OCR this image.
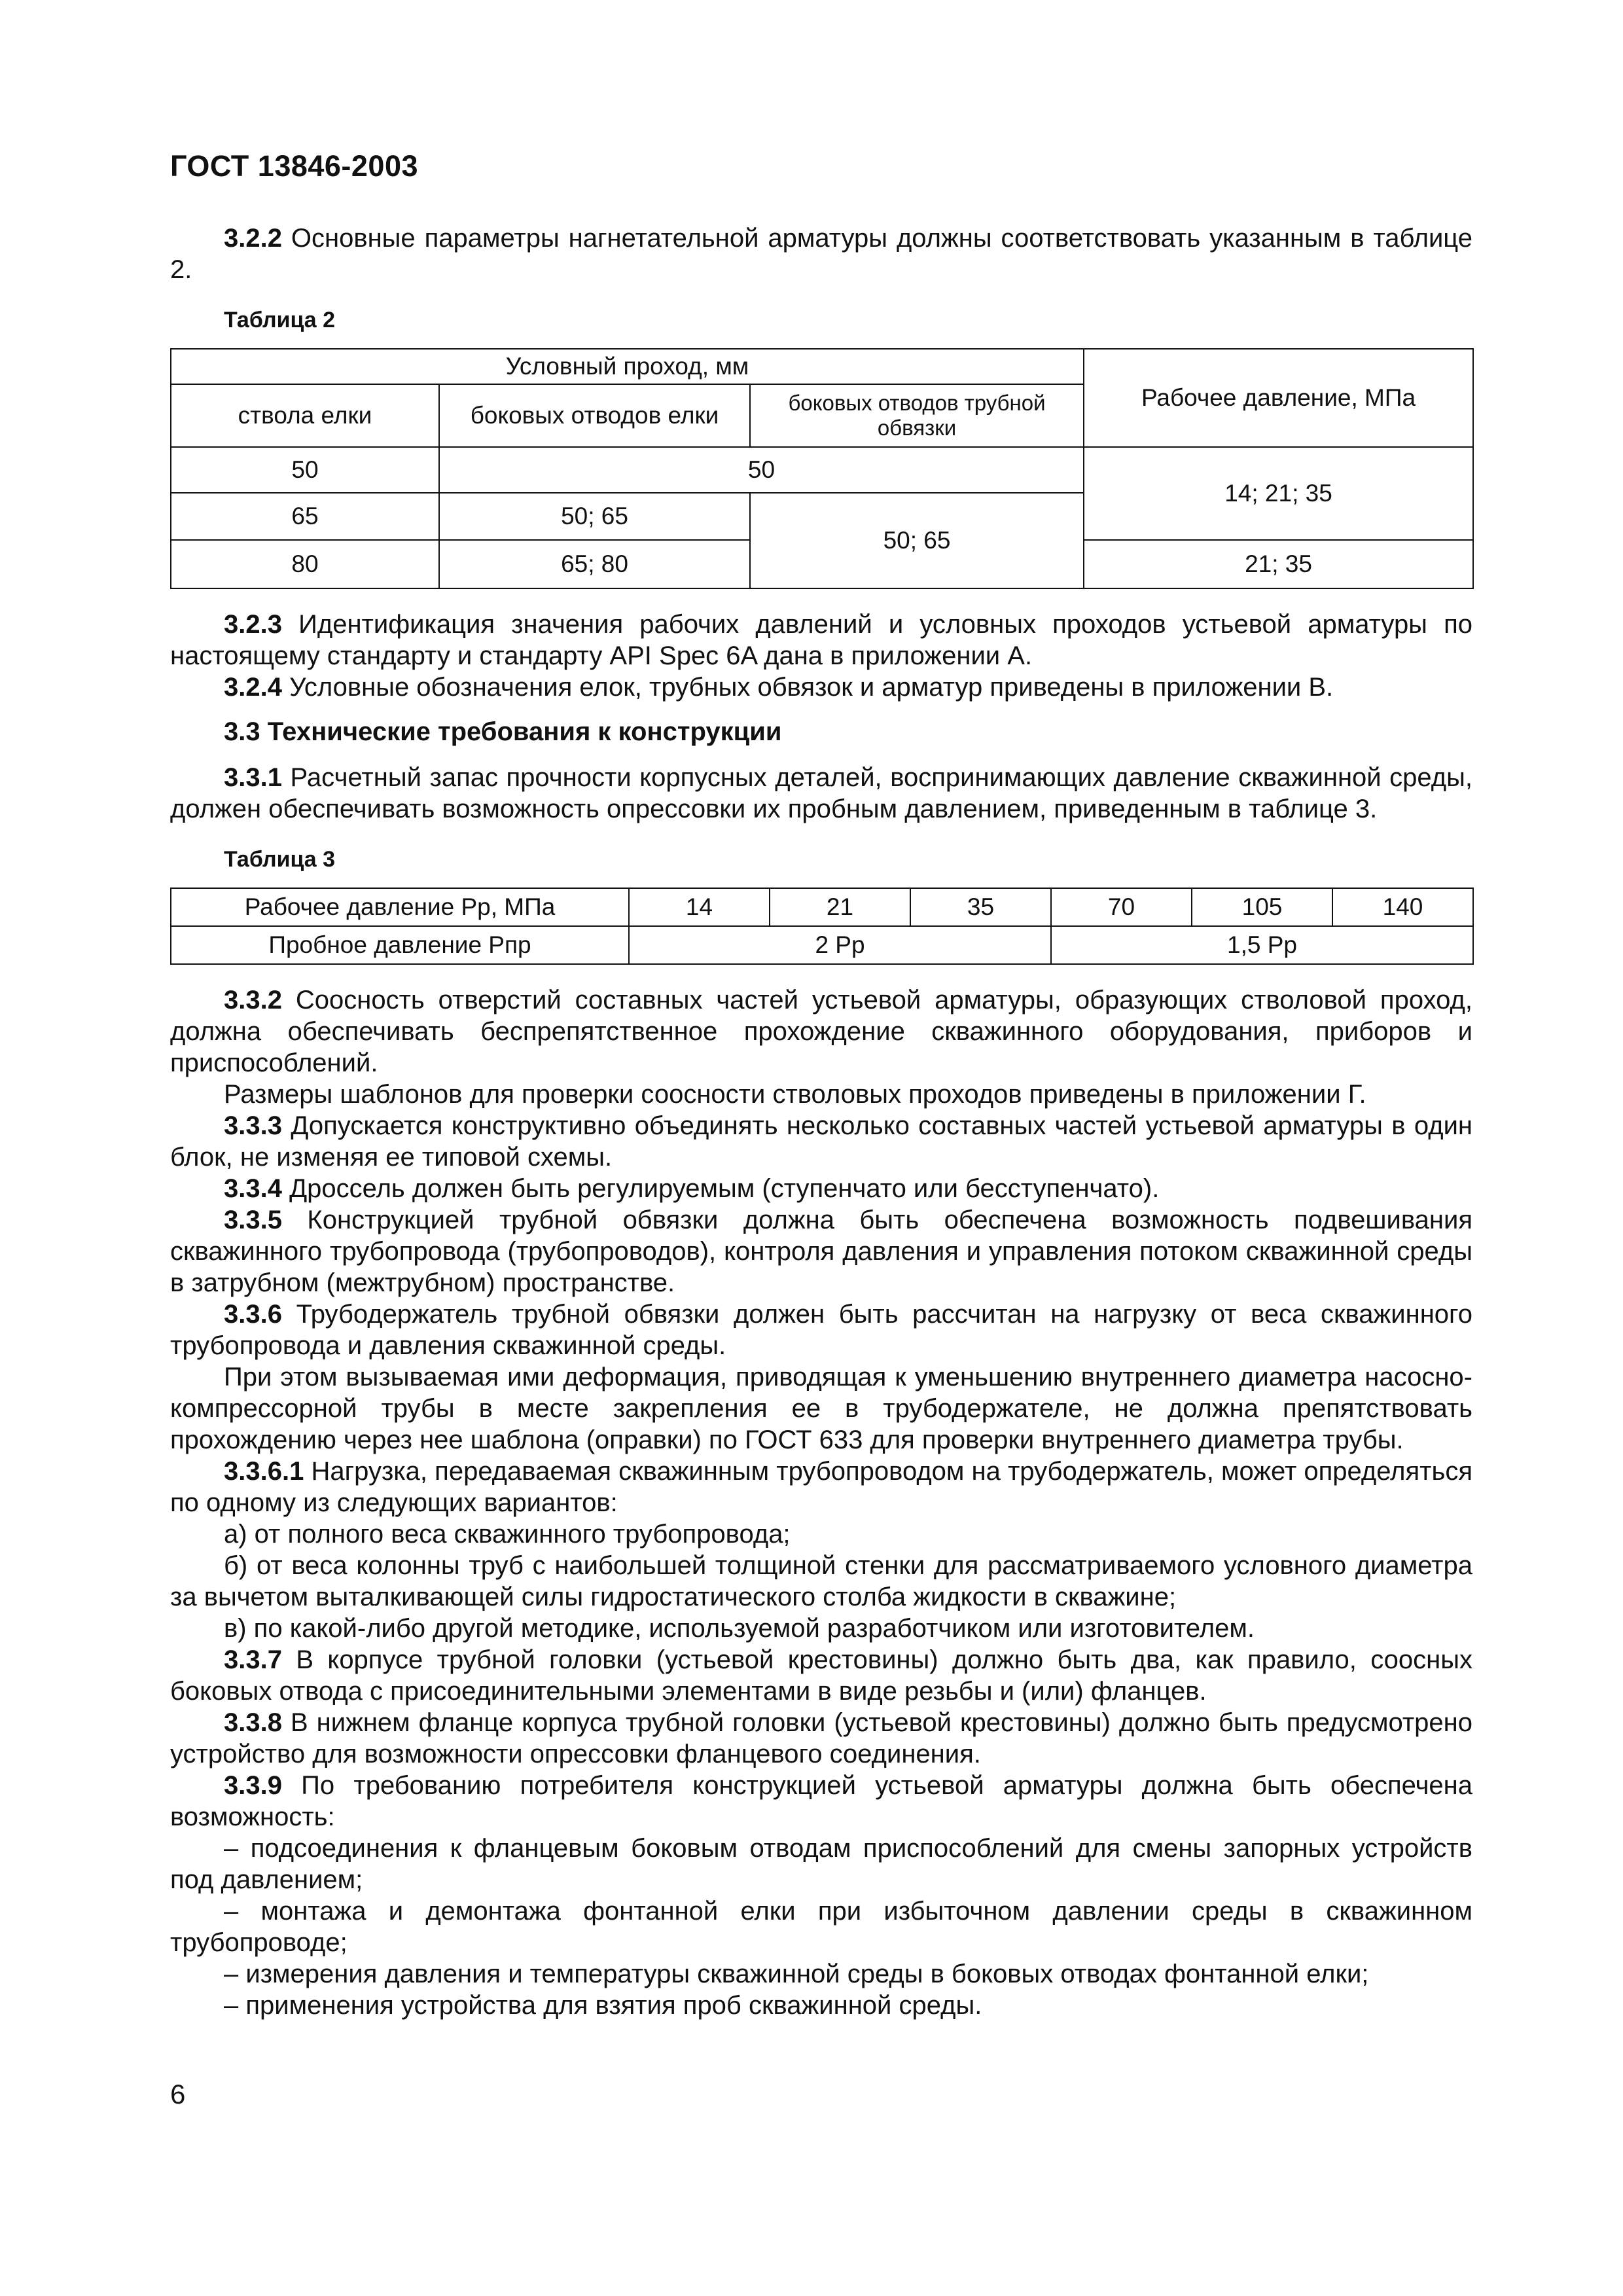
ГОСТ 13846-2003

3.2.2 Основные параметры нагнетательной арматуры должны соответствовать указанным в таблице 2.

Таблица 2

Условный проход, мм			Рабочее давление, МПа
ствола елки	боковых отводов елки	боковых отводов трубной обвязки	
50	50		14; 21; 35
65	50; 65	50; 65	
80	65; 80		21; 35

3.2.3 Идентификация значения рабочих давлений и условных проходов устьевой арматуры по настоящему стандарту и стандарту API Spec 6A дана в приложении А.

3.2.4 Условные обозначения елок, трубных обвязок и арматур приведены в приложении В.

3.3 Технические требования к конструкции

3.3.1 Расчетный запас прочности корпусных деталей, воспринимающих давление скважинной среды, должен обеспечивать возможность опрессовки их пробным давлением, приведенным в таблице 3.

Таблица 3

Рабочее давление Рр, МПа	14	21	35	70	105	140
Пробное давление Рпр	2 Рр			1,5 Рр		

3.3.2 Соосность отверстий составных частей устьевой арматуры, образующих стволовой проход, должна обеспечивать беспрепятственное прохождение скважинного оборудования, приборов и приспособлений.

Размеры шаблонов для проверки соосности стволовых проходов приведены в приложении Г.

3.3.3 Допускается конструктивно объединять несколько составных частей устьевой арматуры в один блок, не изменяя ее типовой схемы.

3.3.4 Дроссель должен быть регулируемым (ступенчато или бесступенчато).

3.3.5 Конструкцией трубной обвязки должна быть обеспечена возможность подвешивания скважинного трубопровода (трубопроводов), контроля давления и управления потоком скважинной среды в затрубном (межтрубном) пространстве.

3.3.6 Трубодержатель трубной обвязки должен быть рассчитан на нагрузку от веса скважинного трубопровода и давления скважинной среды.

При этом вызываемая ими деформация, приводящая к уменьшению внутреннего диаметра насосно-компрессорной трубы в месте закрепления ее в трубодержателе, не должна препятствовать прохождению через нее шаблона (оправки) по ГОСТ 633 для проверки внутреннего диаметра трубы.

3.3.6.1 Нагрузка, передаваемая скважинным трубопроводом на трубодержатель, может определяться по одному из следующих вариантов:

а) от полного веса скважинного трубопровода;

б) от веса колонны труб с наибольшей толщиной стенки для рассматриваемого условного диаметра за вычетом выталкивающей силы гидростатического столба жидкости в скважине;

в) по какой-либо другой методике, используемой разработчиком или изготовителем.

3.3.7 В корпусе трубной головки (устьевой крестовины) должно быть два, как правило, соосных боковых отвода с присоединительными элементами в виде резьбы и (или) фланцев.

3.3.8 В нижнем фланце корпуса трубной головки (устьевой крестовины) должно быть предусмотрено устройство для возможности опрессовки фланцевого соединения.

3.3.9 По требованию потребителя конструкцией устьевой арматуры должна быть обеспечена возможность:

– подсоединения к фланцевым боковым отводам приспособлений для смены запорных устройств под давлением;

– монтажа и демонтажа фонтанной елки при избыточном давлении среды в скважинном трубопроводе;

– измерения давления и температуры скважинной среды в боковых отводах фонтанной елки;

– применения устройства для взятия проб скважинной среды.

6
